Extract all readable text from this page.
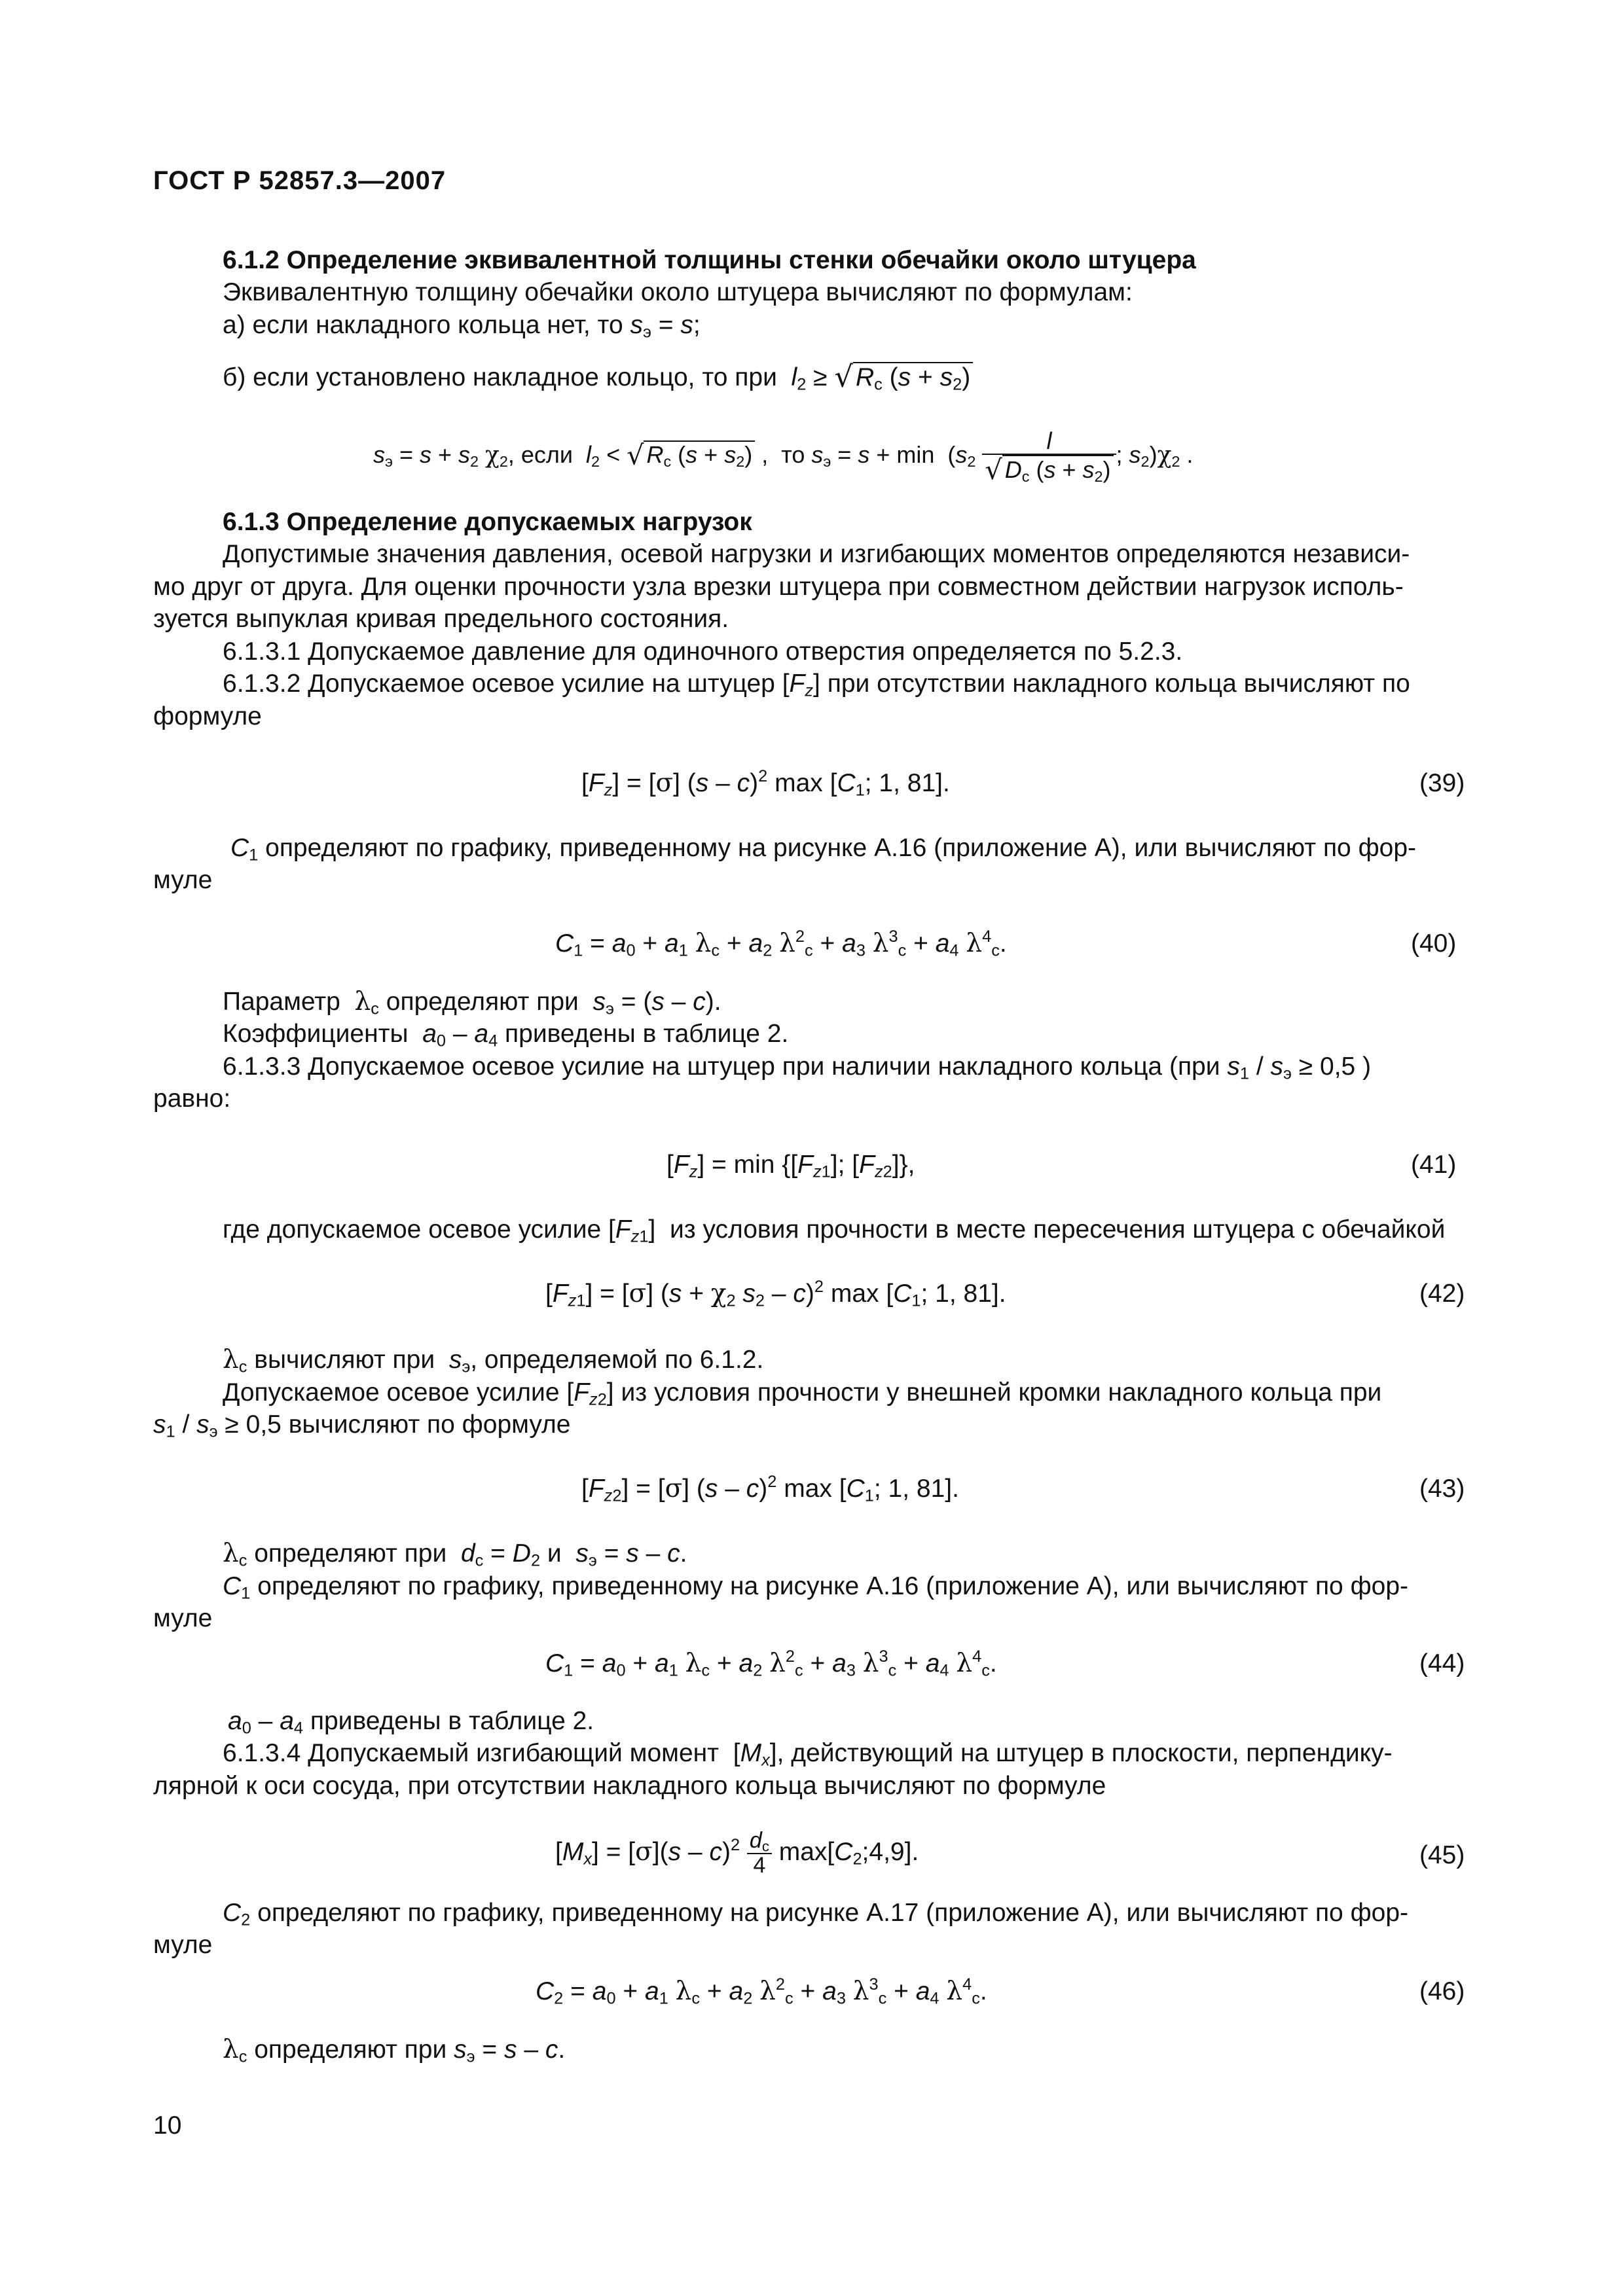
ГОСТ Р 52857.3—2007
6.1.2 Определение эквивалентной толщины стенки обечайки около штуцера
Эквивалентную толщину обечайки около штуцера вычисляют по формулам:
а) если накладного кольца нет, то $s_э = s$;
б) если установлено накладное кольцо, то при $l_2$ ≥ √ $R_с$ $(s + s_2)$
$s_э = s + s_2$ $\chi_2$, если $l_2$ < √ $R_с$ $(s + s_2)$ ,  то $s_э = s + \min (s_2 \frac{l}{√ D_с (s + s_2)}$ ; $s_2)\chi_2$ .
6.1.3 Определение допускаемых нагрузок
Допустимые значения давления, осевой нагрузки и изгибающих моментов определяются независи-
мо друг от друга. Для оценки прочности узла врезки штуцера при совместном действии нагрузок исполь-
зуется выпуклая кривая предельного состояния.
6.1.3.1 Допускаемое давление для одиночного отверстия определяется по 5.2.3.
6.1.3.2 Допускаемое осевое усилие на штуцер $[F_z]$ при отсутствии накладного кольца вычисляют по
формуле
$[F_z] = [\sigma]$ (s – c)$^2$ $\max [C_1$; 1, 81].	(39)
$C_1$ определяют по графику, приведенному на рисунке А.16 (приложение А), или вычисляют по фор-
муле
$C_1 = a_0 + a_1$ $\lambda_с + a_2$ $\lambda^2_с + a_3$ $\lambda^3_с + a_4$ $\lambda^4_с$.	(40)
Параметр $\lambda_с$ определяют при $s_э = (s - c)$.
Коэффициенты $a_0 - a_4$ приведены в таблице 2.
6.1.3.3 Допускаемое осевое усилие на штуцер при наличии накладного кольца (при $s_1 / s_э \ge 0,5$ )
равно:
$[F_z] = \min \{[F_{z1}]$; $[F_{z2}]$},	(41)
где допускаемое осевое усилие $[F_{z1}]$  из условия прочности в месте пересечения штуцера с обечайкой
$[F_{z1}] = [\sigma] (s + \chi_2$ $s_2 - c)^2$ $\max [C_1$; 1, 81].	(42)
$\lambda_с$ вычисляют при $s_э$, определяемой по 6.1.2.
Допускаемое осевое усилие $[F_{z2}]$ из условия прочности у внешней кромки накладного кольца при
$s_1 / s_э \ge 0,5$ вычисляют по формуле
$[F_{z2}] = [\sigma]$ (s – c)$^2$ $\max [C_1$; 1, 81].	(43)
$\lambda_с$ определяют при $d_с = D_2$ и $s_э = s - c$.
$C_1$ определяют по графику, приведенному на рисунке А.16 (приложение А), или вычисляют по фор-
муле
$C_1 = a_0 + a_1$ $\lambda_с + a_2$ $\lambda^2_с + a_3$ $\lambda^3_с + a_4$ $\lambda^4_с$.	(44)
$a_0 - a_4$ приведены в таблице 2.
6.1.3.4 Допускаемый изгибающий момент  $[M_x]$, действующий на штуцер в плоскости, перпендику-
лярной к оси сосуда, при отсутствии накладного кольца вычисляют по формуле
$[M_x] = [\sigma](s - c)^2 \frac{d_с}{4}$ $\max[C_2;4,9]$.	(45)
$C_2$ определяют по графику, приведенному на рисунке А.17 (приложение А), или вычисляют по фор-
муле
$C_2 = a_0 + a_1$ $\lambda_с + a_2$ $\lambda^2_с + a_3$ $\lambda^3_с + a_4$ $\lambda^4_с$.	(46)
$\lambda_с$ определяют при $s_э = s - c$.
10
